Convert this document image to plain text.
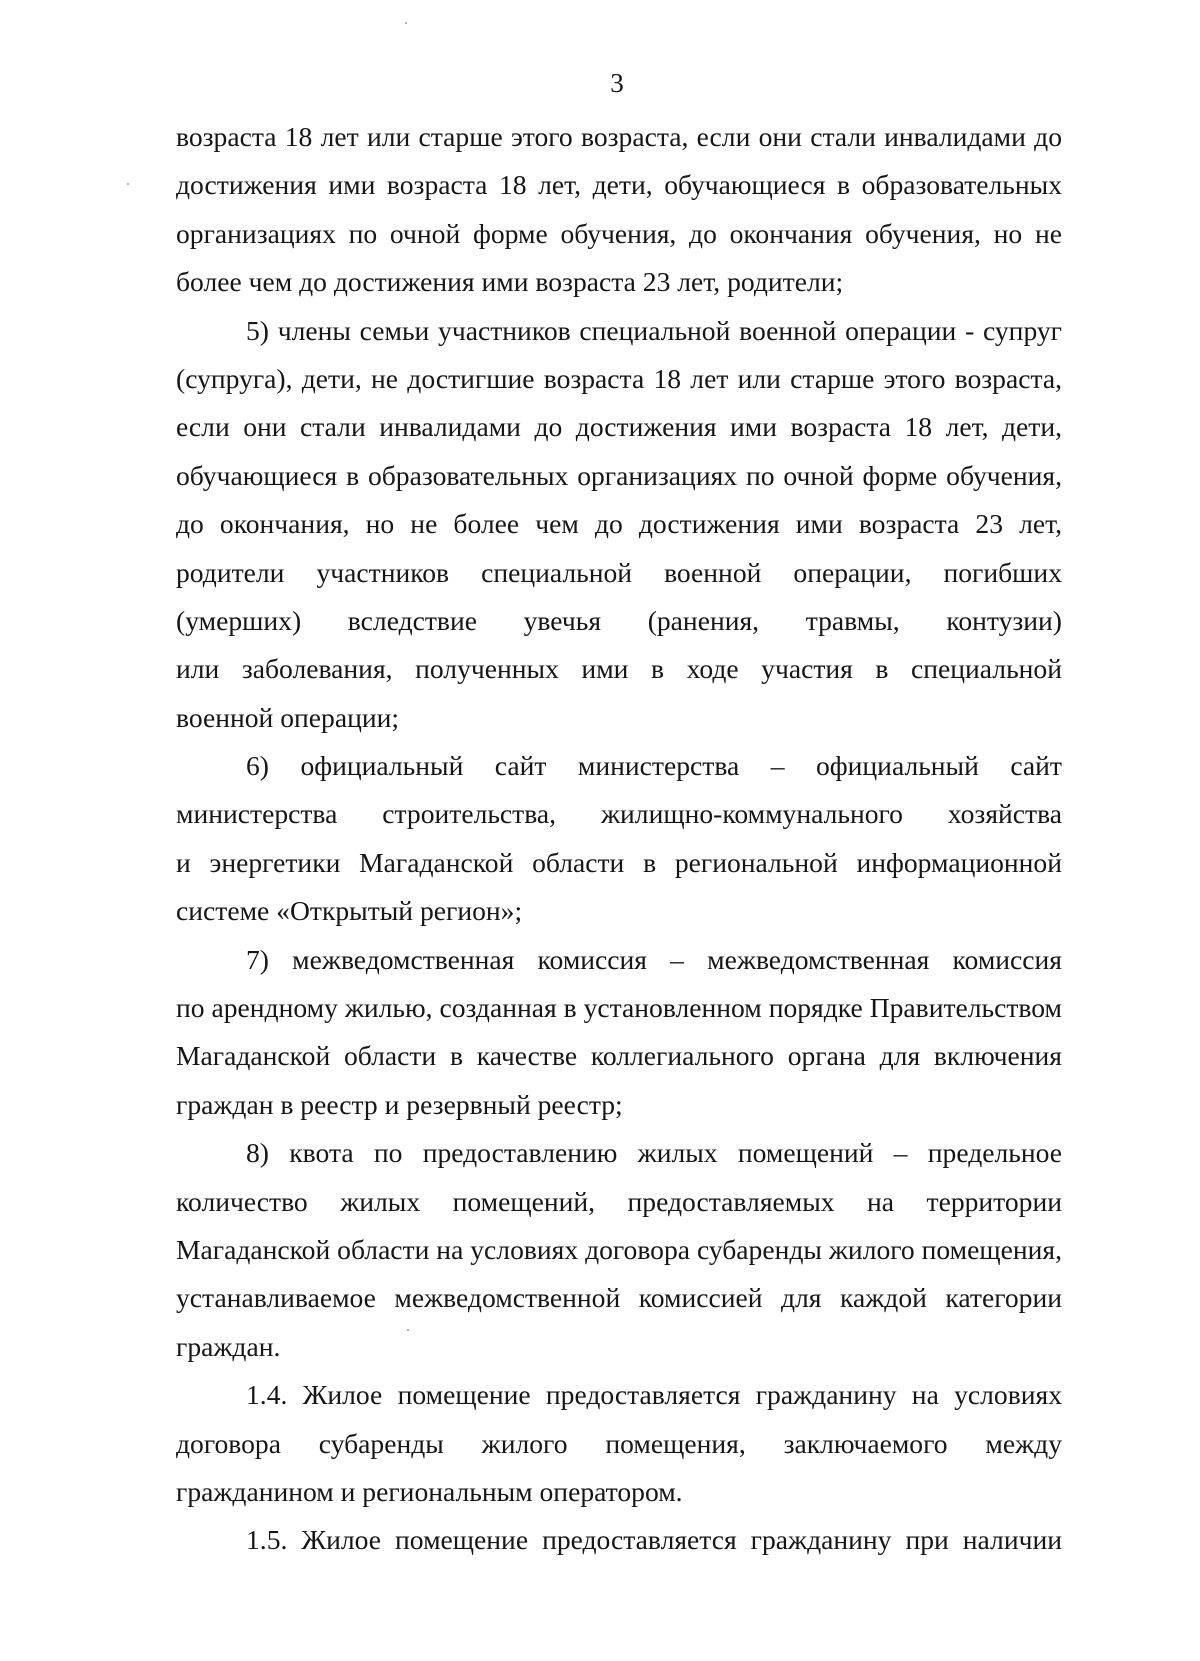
3
возраста 18 лет или старше этого возраста, если они стали инвалидами до
достижения ими возраста 18 лет, дети, обучающиеся в образовательных
организациях по очной форме обучения, до окончания обучения, но не
более чем до достижения ими возраста 23 лет, родители;
5) члены семьи участников специальной военной операции - супруг
(супруга), дети, не достигшие возраста 18 лет или старше этого возраста,
если они стали инвалидами до достижения ими возраста 18 лет, дети,
обучающиеся в образовательных организациях по очной форме обучения,
до окончания, но не более чем до достижения ими возраста 23 лет,
родители участников специальной военной операции, погибших
(умерших) вследствие увечья (ранения, травмы, контузии)
или заболевания, полученных ими в ходе участия в специальной
военной операции;
6) официальный сайт министерства – официальный сайт
министерства строительства, жилищно-коммунального хозяйства
и энергетики Магаданской области в региональной информационной
системе «Открытый регион»;
7) межведомственная комиссия – межведомственная комиссия
по арендному жилью, созданная в установленном порядке Правительством
Магаданской области в качестве коллегиального органа для включения
граждан в реестр и резервный реестр;
8) квота по предоставлению жилых помещений – предельное
количество жилых помещений, предоставляемых на территории
Магаданской области на условиях договора субаренды жилого помещения,
устанавливаемое межведомственной комиссией для каждой категории
граждан.
1.4. Жилое помещение предоставляется гражданину на условиях
договора субаренды жилого помещения, заключаемого между
гражданином и региональным оператором.
1.5. Жилое помещение предоставляется гражданину при наличии
